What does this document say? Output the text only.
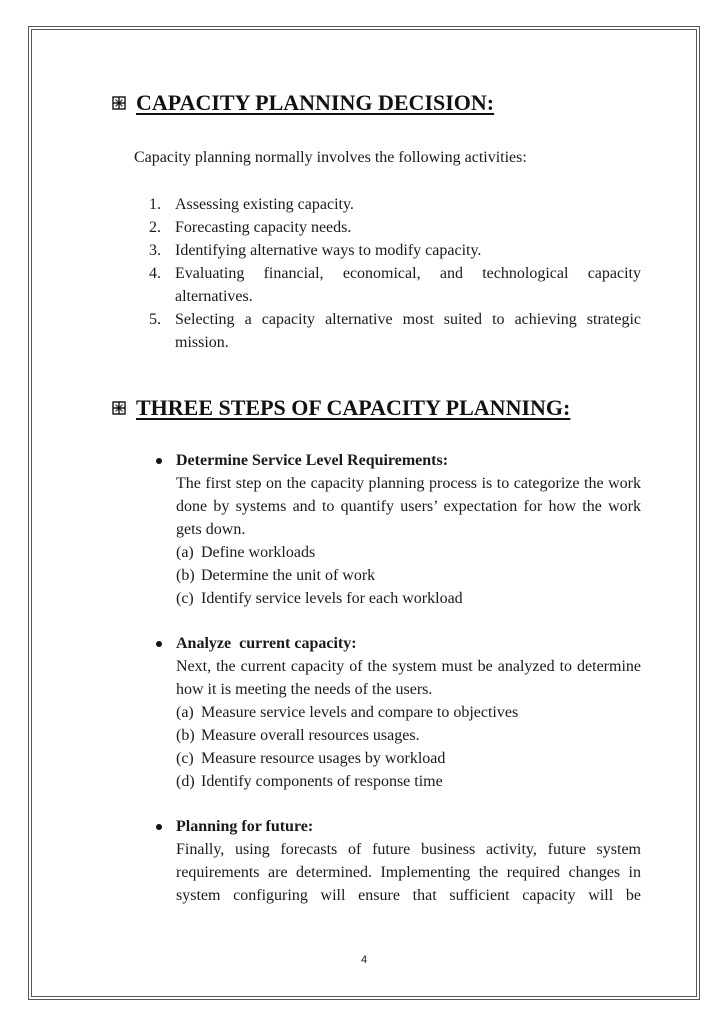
CAPACITY PLANNING DECISION:
Capacity planning normally involves the following activities:
1. Assessing existing capacity.
2. Forecasting capacity needs.
3. Identifying alternative ways to modify capacity.
4. Evaluating financial, economical, and technological capacity alternatives.
5. Selecting a capacity alternative most suited to achieving strategic mission.
THREE STEPS OF CAPACITY PLANNING:
Determine Service Level Requirements:
The first step on the capacity planning process is to categorize the work done by systems and to quantify users’ expectation for how the work gets down.
(a) Define workloads
(b) Determine the unit of work
(c) Identify service levels for each workload
Analyze  current capacity:
Next, the current capacity of the system must be analyzed to determine how it is meeting the needs of the users.
(a) Measure service levels and compare to objectives
(b) Measure overall resources usages.
(c) Measure resource usages by workload
(d) Identify components of response time
Planning for future:
Finally, using forecasts of future business activity, future system requirements are determined. Implementing the required changes in system configuring will ensure that sufficient capacity will be
4
